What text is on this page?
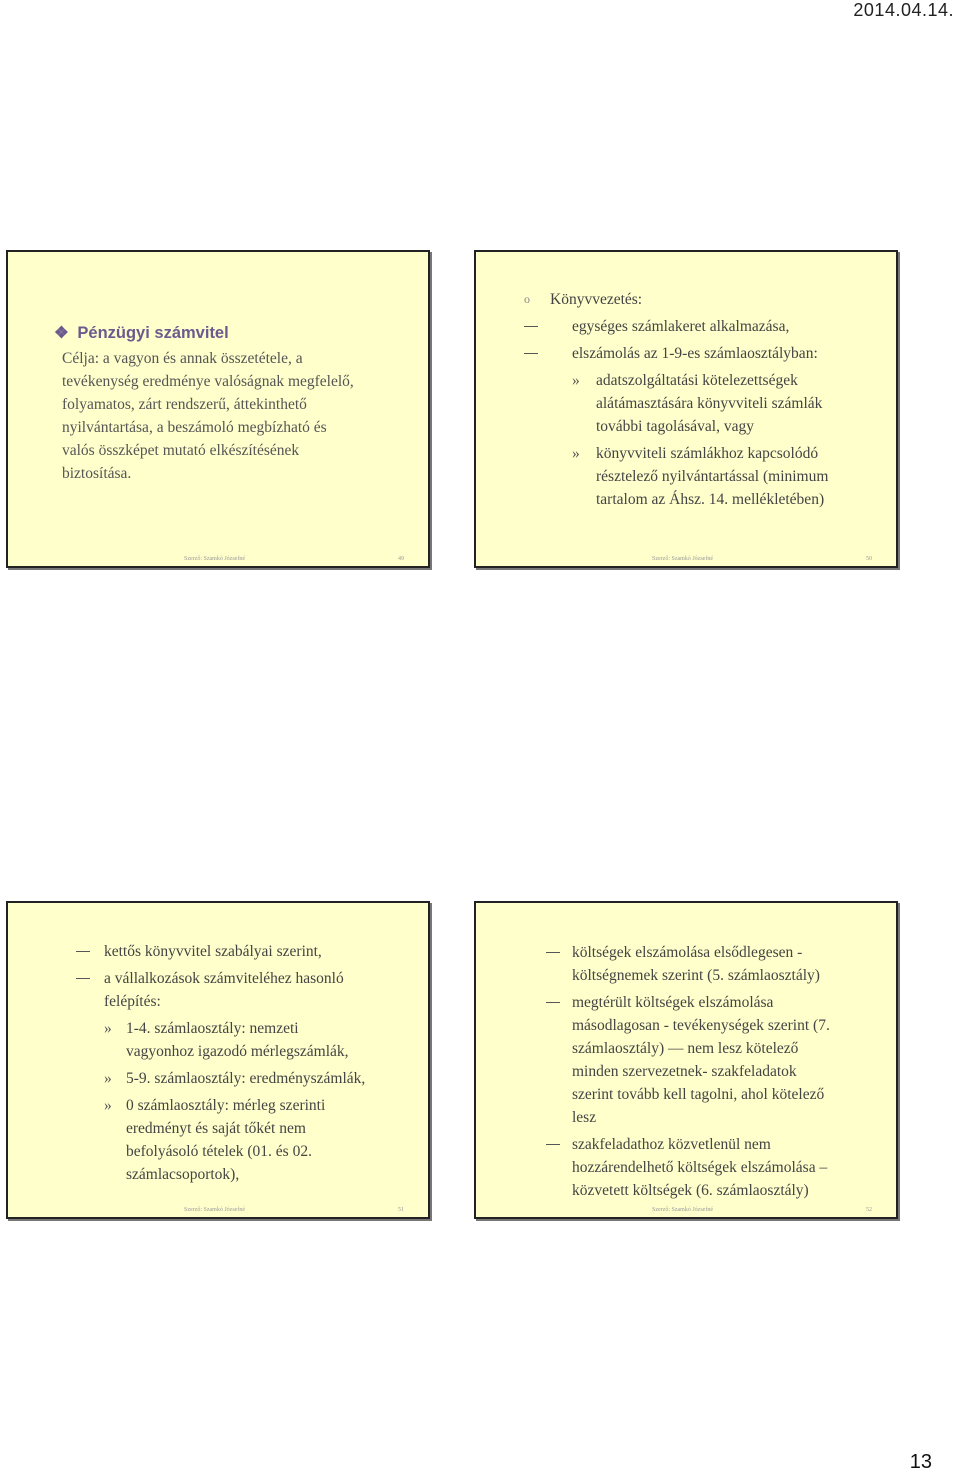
2014.04.14.
❖ Pénzügyi számvitel
Célja: a vagyon és annak összetétele, a
tevékenység eredménye valóságnak megfelelő,
folyamatos, zárt rendszerű, áttekinthető
nyilvántartása, a beszámoló megbízható és
valós összképet mutató elkészítésének
biztosítása.
Szerző: Szamkó Józsefné	49
o Könyvvezetés:
egységes számlakeret alkalmazása,
elszámolás az 1-9-es számlaosztályban:
» adatszolgáltatási kötelezettségek
alátámasztására könyvviteli számlák
további tagolásával, vagy
» könyvviteli számlákhoz kapcsolódó
résztelező nyilvántartással (minimum
tartalom az Áhsz. 14. mellékletében)
Szerző: Szamkó Józsefné	50
kettős könyvvitel szabályai szerint,
a vállalkozások számviteléhez hasonló
felépítés:
» 1-4. számlaosztály: nemzeti
vagyonhoz igazodó mérlegszámlák,
» 5-9. számlaosztály: eredményszámlák,
» 0 számlaosztály: mérleg szerinti
eredményt és saját tőkét nem
befolyásoló tételek (01. és 02.
számlacsoportok),
Szerző: Szamkó Józsefné	51
költségek elszámolása elsődlegesen -
költségnemek szerint (5. számlaosztály)
megtérült költségek elszámolása
másodlagosan - tevékenységek szerint (7.
számlaosztály) — nem lesz kötelező
minden szervezetnek- szakfeladatok
szerint tovább kell tagolni, ahol kötelező
lesz
szakfeladathoz közvetlenül nem
hozzárendelhető költségek elszámolása –
közvetett költségek (6. számlaosztály)
Szerző: Szamkó Józsefné	52
13
